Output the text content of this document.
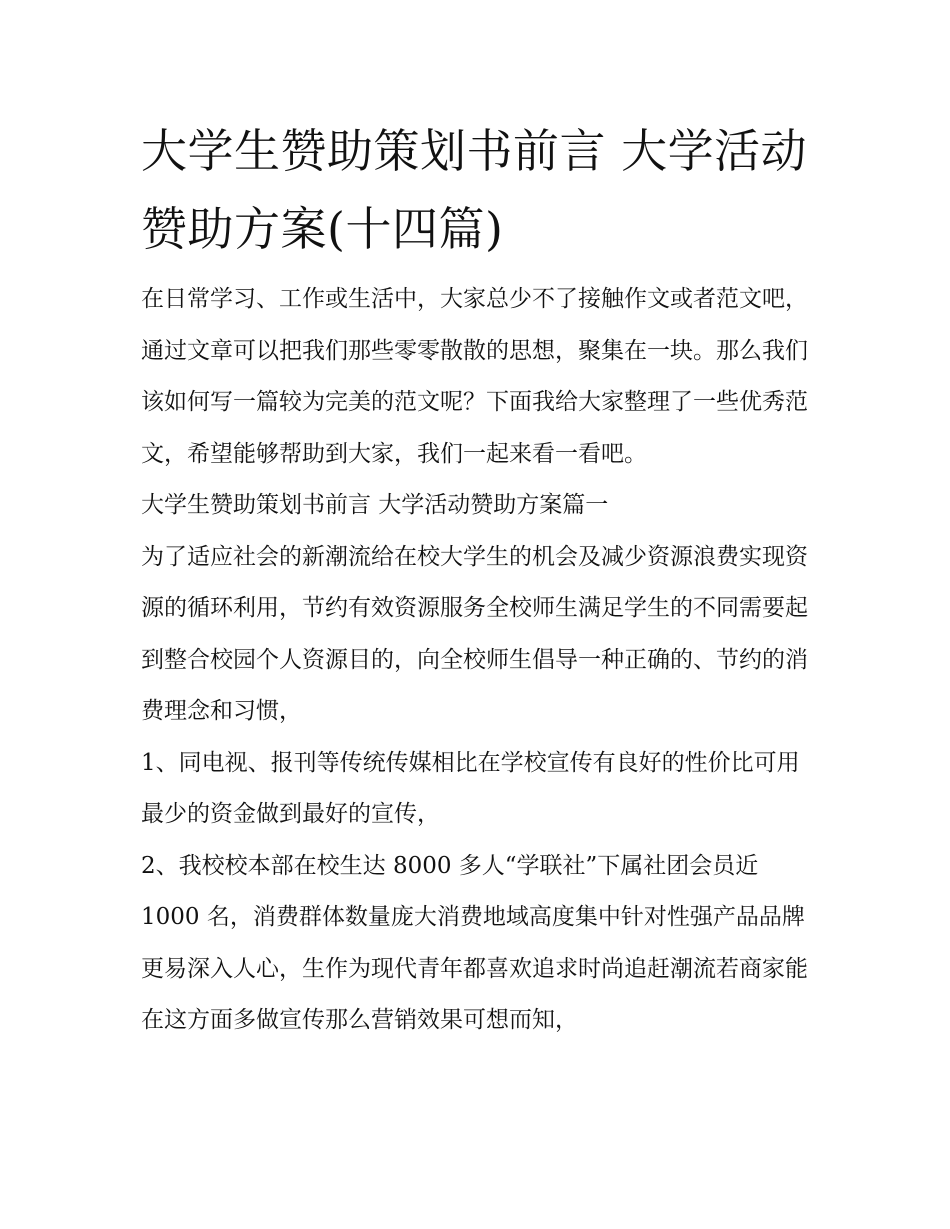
大学生赞助策划书前言 大学活动赞助方案(十四篇)

在日常学习、工作或生活中，大家总少不了接触作文或者范文吧，通过文章可以把我们那些零零散散的思想，聚集在一块。那么我们该如何写一篇较为完美的范文呢？下面我给大家整理了一些优秀范文，希望能够帮助到大家，我们一起来看一看吧。

大学生赞助策划书前言 大学活动赞助方案篇一

为了适应社会的新潮流给在校大学生的机会及减少资源浪费实现资源的循环利用，节约有效资源服务全校师生满足学生的不同需要起到整合校园个人资源目的，向全校师生倡导一种正确的、节约的消费理念和习惯，

1、同电视、报刊等传统传媒相比在学校宣传有良好的性价比可用最少的资金做到最好的宣传，

2、我校校本部在校生达 8000 多人“学联社”下属社团会员近 1000 名，消费群体数量庞大消费地域高度集中针对性强产品品牌更易深入人心，生作为现代青年都喜欢追求时尚追赶潮流若商家能在这方面多做宣传那么营销效果可想而知，
